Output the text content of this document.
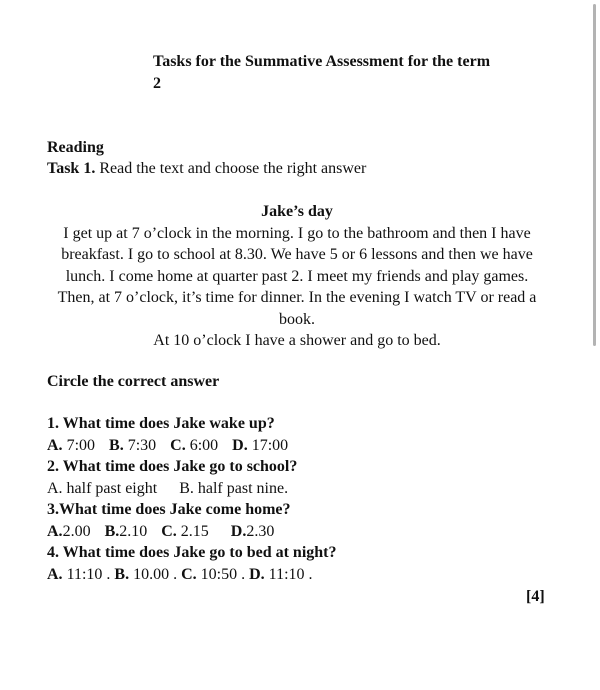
Tasks for the Summative Assessment for the term
2
Reading
Task 1. Read the text and choose the right answer
Jake’s day

I get up at 7 o’clock in the morning. I go to the bathroom and then I have breakfast. I go to school at 8.30. We have 5 or 6 lessons and then we have lunch. I come home at quarter past 2. I meet my friends and play games. Then, at 7 o’clock, it’s time for dinner. In the evening I watch TV or read a book.

At 10 o’clock I have a shower and go to bed.

Circle the correct answer
1. What time does Jake wake up?
A. 7:00 B. 7:30 C. 6:00 D. 17:00
2. What time does Jake go to school?
A. half past eight B. half past nine.
3.What time does Jake come home?
A.2.00 B.2.10 C. 2.15 D.2.30
4. What time does Jake go to bed at night?
A. 11:10 . B. 10.00 . C. 10:50 . D. 11:10 .
[4]
